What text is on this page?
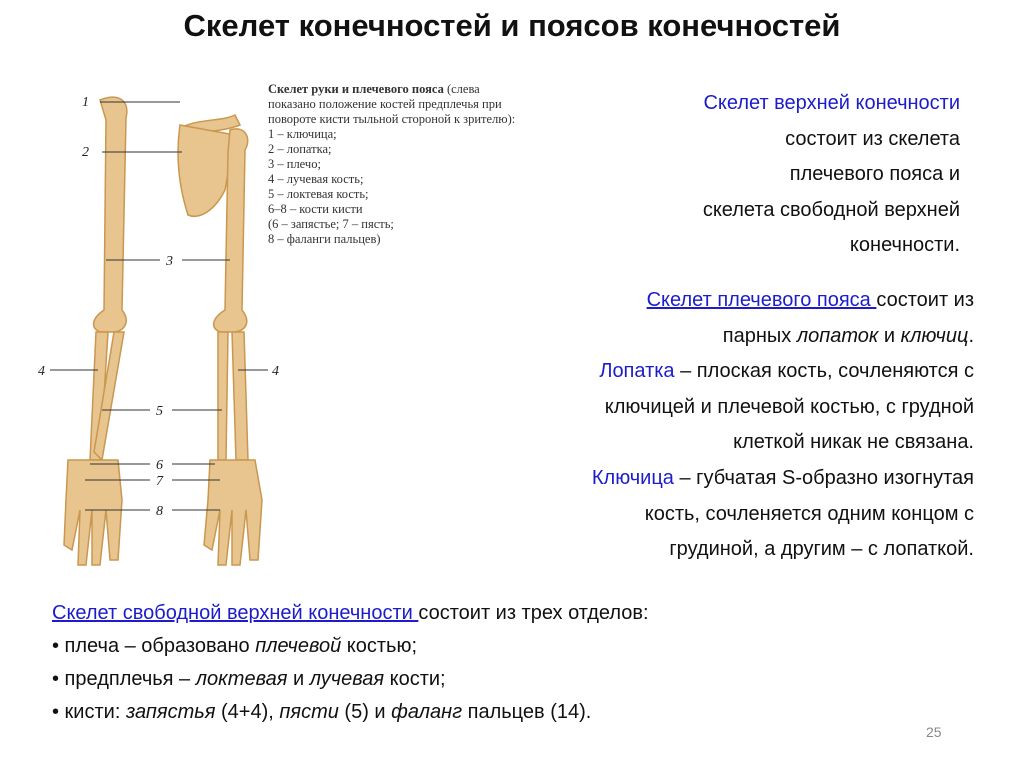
Скелет конечностей и поясов конечностей
1
2
3
4	4
5
6
7
8
Скелет руки и плечевого пояса (слева показано положение костей предплечья при повороте кисти тыльной стороной к зрителю):
1 – ключица;
2 – лопатка;
3 – плечо;
4 – лучевая кость;
5 – локтевая кость;
6–8 – кости кисти
(6 – запястье; 7 – пясть;
8 – фаланги пальцев)
Скелет верхней конечности
состоит из скелета
плечевого пояса и
скелета свободной верхней
конечности.
Скелет плечевого пояса состоит из
парных лопаток и ключиц.
Лопатка – плоская кость, сочленяются с
ключицей и плечевой костью, с грудной
клеткой никак не связана.
Ключица – губчатая S-образно изогнутая
кость, сочленяется одним концом с
грудиной, а другим – с лопаткой.
Скелет свободной верхней конечности состоит из трех отделов:
• плеча – образовано плечевой костью;
• предплечья – локтевая и лучевая кости;
• кисти: запястья (4+4), пясти (5) и фаланг пальцев (14).
25
